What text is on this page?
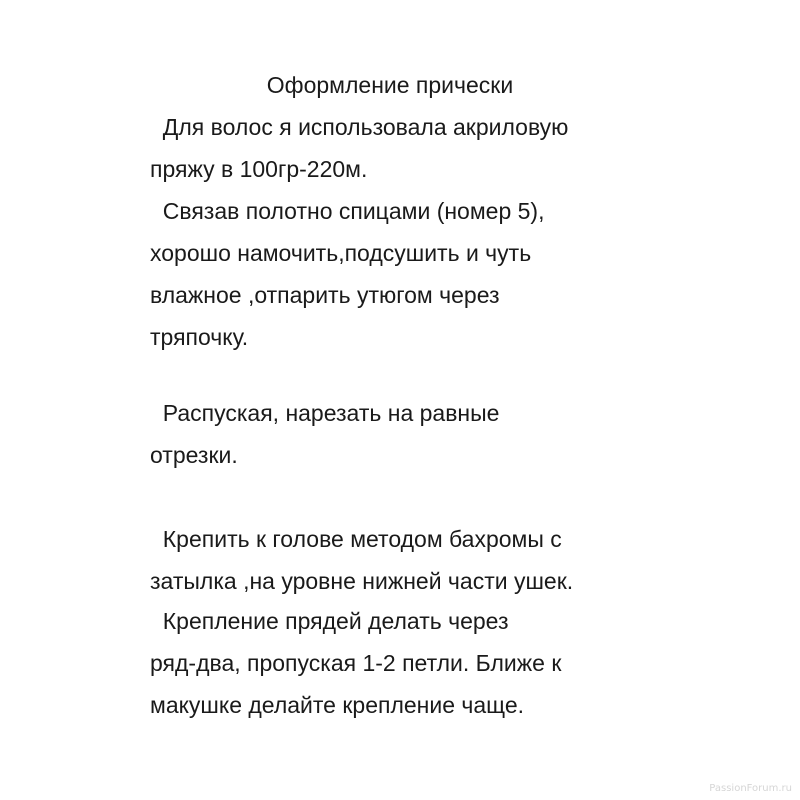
Оформление прически
Для волос я использовала акриловую
пряжу в 100гр-220м.
Связав полотно спицами (номер 5),
хорошо намочить,подсушить и чуть
влажное ,отпарить утюгом через
тряпочку.
Распуская, нарезать на равные
отрезки.
Крепить к голове методом бахромы с
затылка ,на уровне нижней части ушек.
Крепление прядей делать через
ряд-два, пропуская 1-2 петли. Ближе к
макушке делайте крепление чаще.
PassionForum.ru
